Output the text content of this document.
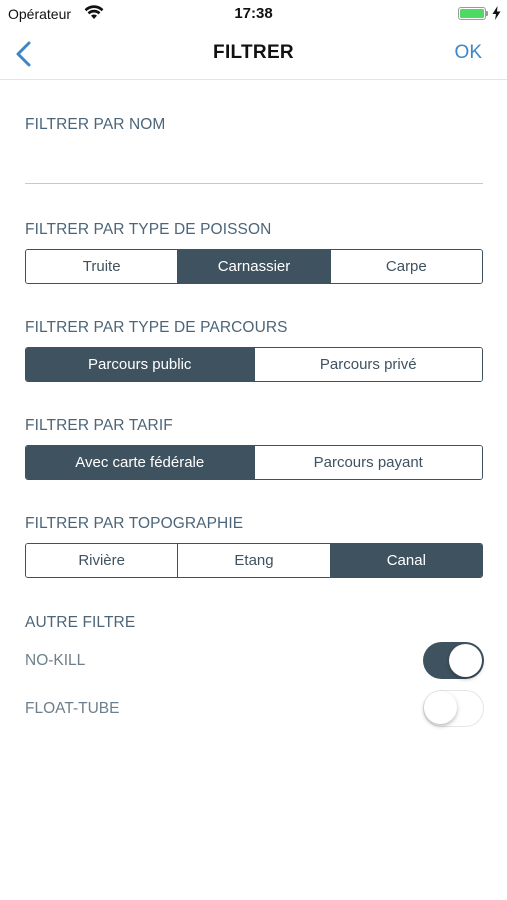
Opérateur	17:38
FILTRER	OK
FILTRER PAR NOM
FILTRER PAR TYPE DE POISSON
Truite	Carnassier	Carpe
FILTRER PAR TYPE DE PARCOURS
Parcours public	Parcours privé
FILTRER PAR TARIF
Avec carte fédérale	Parcours payant
FILTRER PAR TOPOGRAPHIE
Rivière	Etang	Canal
AUTRE FILTRE
NO-KILL
FLOAT-TUBE
